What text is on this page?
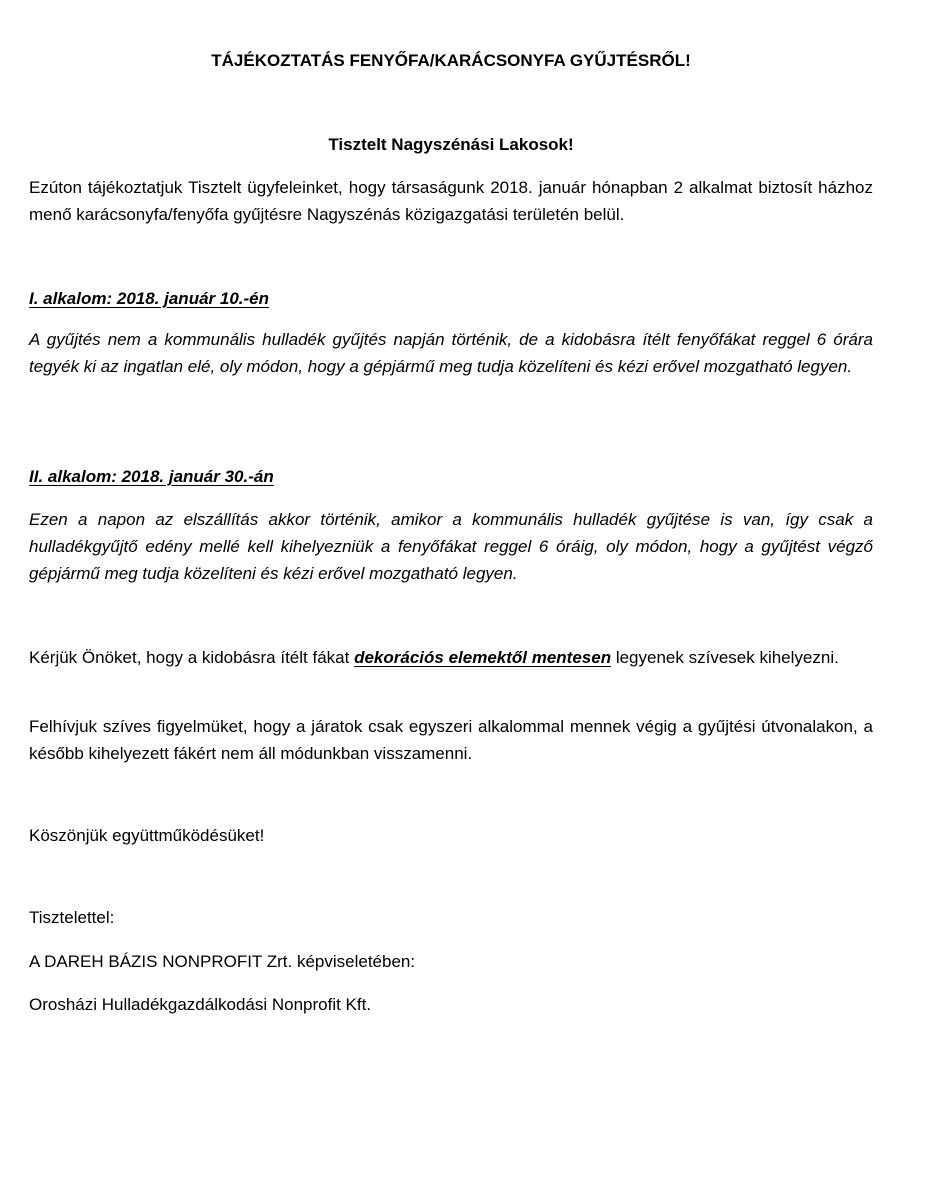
TÁJÉKOZTATÁS FENYŐFA/KARÁCSONYFA GYŰJTÉSRŐL!
Tisztelt Nagyszénási Lakosok!

Ezúton tájékoztatjuk Tisztelt ügyfeleinket, hogy társaságunk 2018. január hónapban 2 alkalmat biztosít házhoz menő karácsonyfa/fenyőfa gyűjtésre Nagyszénás közigazgatási területén belül.

I. alkalom: 2018. január 10.-én

A gyűjtés nem a kommunális hulladék gyűjtés napján történik, de a kidobásra ítélt fenyőfákat reggel 6 órára tegyék ki az ingatlan elé, oly módon, hogy a gépjármű meg tudja közelíteni és kézi erővel mozgatható legyen.

II. alkalom: 2018. január 30.-án

Ezen a napon az elszállítás akkor történik, amikor a kommunális hulladék gyűjtése is van, így csak a hulladékgyűjtő edény mellé kell kihelyezniük a fenyőfákat reggel 6 óráig, oly módon, hogy a gyűjtést végző gépjármű meg tudja közelíteni és kézi erővel mozgatható legyen.

Kérjük Önöket, hogy a kidobásra ítélt fákat dekorációs elemektől mentesen legyenek szívesek kihelyezni.

Felhívjuk szíves figyelmüket, hogy a járatok csak egyszeri alkalommal mennek végig a gyűjtési útvonalakon, a később kihelyezett fákért nem áll módunkban visszamenni.

Köszönjük együttműködésüket!
Tisztelettel:
A DAREH BÁZIS NONPROFIT Zrt. képviseletében:
Orosházi Hulladékgazdálkodási Nonprofit Kft.
